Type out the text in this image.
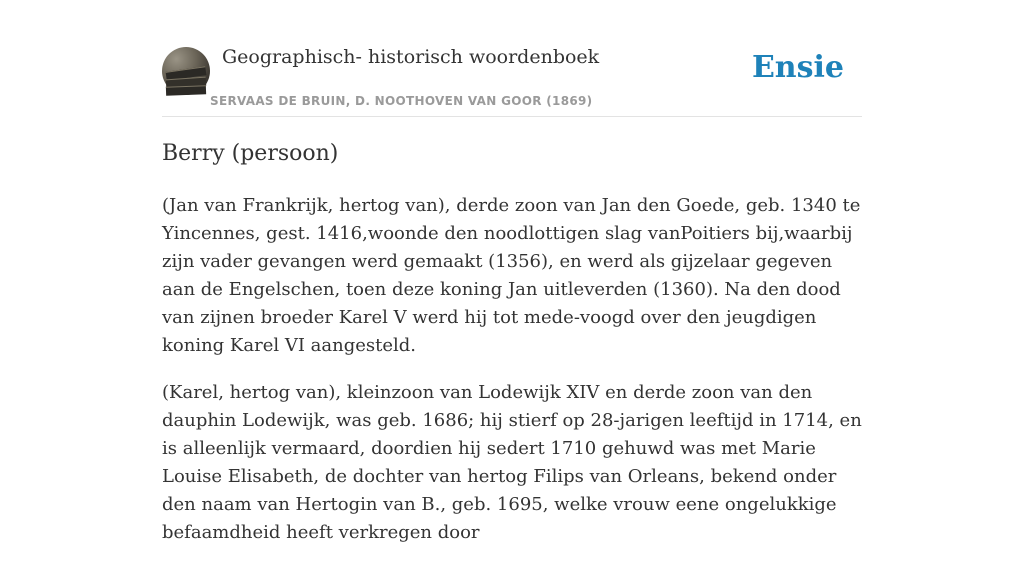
Geographisch- historisch woordenboek
SERVAAS DE BRUIN, D. NOOTHOVEN VAN GOOR (1869)
Ensie
Berry (persoon)

(Jan van Frankrijk, hertog van), derde zoon van Jan den Goede, geb. 1340 te Yincennes, gest. 1416,woonde den noodlottigen slag vanPoitiers bij,waarbij zijn vader gevangen werd gemaakt (1356), en werd als gijzelaar gegeven aan de Engelschen, toen deze koning Jan uitleverden (1360). Na den dood van zijnen broeder Karel V werd hij tot mede-voogd over den jeugdigen koning Karel VI aangesteld.

(Karel, hertog van), kleinzoon van Lodewijk XIV en derde zoon van den dauphin Lodewijk, was geb. 1686; hij stierf op 28-jarigen leeftijd in 1714, en is alleenlijk vermaard, doordien hij sedert 1710 gehuwd was met Marie Louise Elisabeth, de dochter van hertog Filips van Orleans, bekend onder den naam van Hertogin van B., geb. 1695, welke vrouw eene ongelukkige befaamdheid heeft verkregen door
